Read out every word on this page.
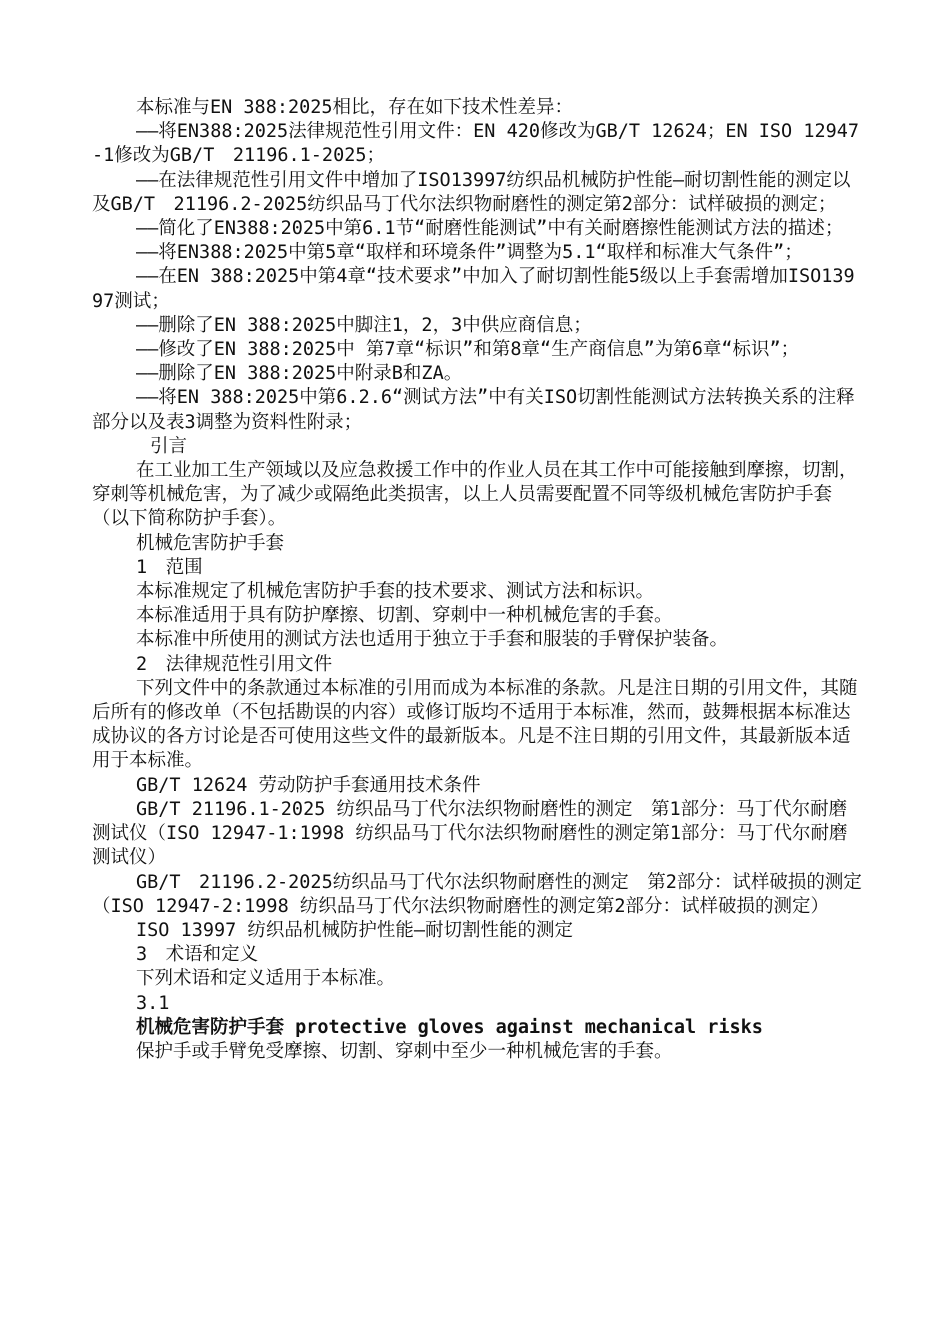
本标准与EN 388:2025相比，存在如下技术性差异：

——将EN388:2025法律规范性引用文件：EN 420修改为GB/T 12624；EN ISO 12947-1修改为GB/T　21196.1-2025；

——在法律规范性引用文件中增加了ISO13997纺织品机械防护性能—耐切割性能的测定以及GB/T　21196.2-2025纺织品马丁代尔法织物耐磨性的测定第2部分：试样破损的测定；

——简化了EN388:2025中第6.1节“耐磨性能测试”中有关耐磨擦性能测试方法的描述；

——将EN388:2025中第5章“取样和环境条件”调整为5.1“取样和标准大气条件”；

——在EN 388:2025中第4章“技术要求”中加入了耐切割性能5级以上手套需增加ISO13997测试；

——删除了EN 388:2025中脚注1，2，3中供应商信息；

——修改了EN 388:2025中 第7章“标识”和第8章“生产商信息”为第6章“标识”；

——删除了EN 388:2025中附录B和ZA。

——将EN 388:2025中第6.2.6“测试方法”中有关ISO切割性能测试方法转换关系的注释部分以及表3调整为资料性附录；

引言

在工业加工生产领域以及应急救援工作中的作业人员在其工作中可能接触到摩擦，切割，穿刺等机械危害，为了减少或隔绝此类损害，以上人员需要配置不同等级机械危害防护手套（以下简称防护手套）。

机械危害防护手套

1　范围

本标准规定了机械危害防护手套的技术要求、测试方法和标识。

本标准适用于具有防护摩擦、切割、穿刺中一种机械危害的手套。

本标准中所使用的测试方法也适用于独立于手套和服装的手臂保护装备。

2　法律规范性引用文件

下列文件中的条款通过本标准的引用而成为本标准的条款。凡是注日期的引用文件，其随后所有的修改单（不包括勘误的内容）或修订版均不适用于本标准，然而，鼓舞根据本标准达成协议的各方讨论是否可使用这些文件的最新版本。凡是不注日期的引用文件，其最新版本适用于本标准。

GB/T 12624 劳动防护手套通用技术条件

GB/T 21196.1-2025 纺织品马丁代尔法织物耐磨性的测定　第1部分：马丁代尔耐磨测试仪（ISO 12947-1:1998 纺织品马丁代尔法织物耐磨性的测定第1部分：马丁代尔耐磨测试仪）

GB/T　21196.2-2025纺织品马丁代尔法织物耐磨性的测定　第2部分：试样破损的测定（ISO 12947-2:1998 纺织品马丁代尔法织物耐磨性的测定第2部分：试样破损的测定）

ISO 13997 纺织品机械防护性能—耐切割性能的测定

3　术语和定义

下列术语和定义适用于本标准。

3.1

机械危害防护手套 protective gloves against mechanical risks

保护手或手臂免受摩擦、切割、穿刺中至少一种机械危害的手套。
